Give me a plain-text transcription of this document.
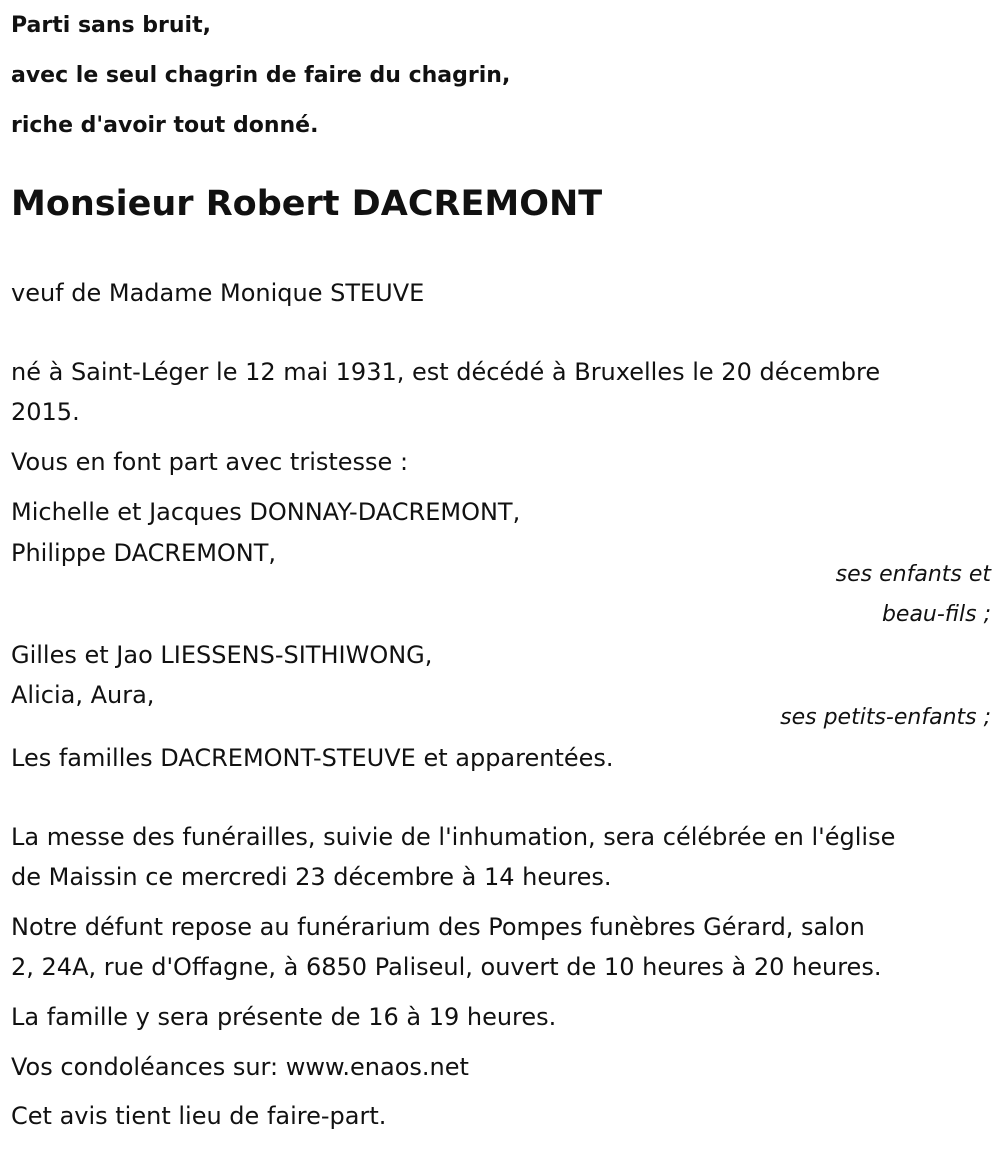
Parti sans bruit,
avec le seul chagrin de faire du chagrin,
riche d'avoir tout donné.
Monsieur Robert DACREMONT

veuf de Madame Monique STEUVE

né à Saint-Léger le 12 mai 1931, est décédé à Bruxelles le 20 décembre

2015.

Vous en font part avec tristesse :

Michelle et Jacques DONNAY-DACREMONT,

Philippe DACREMONT,

ses enfants et

beau-fils ;

Gilles et Jao LIESSENS-SITHIWONG,

Alicia, Aura,

ses petits-enfants ;

Les familles DACREMONT-STEUVE et apparentées.

La messe des funérailles, suivie de l'inhumation, sera célébrée en l'église

de Maissin ce mercredi 23 décembre à 14 heures.

Notre défunt repose au funérarium des Pompes funèbres Gérard, salon

2, 24A, rue d'Offagne, à 6850 Paliseul, ouvert de 10 heures à 20 heures.

La famille y sera présente de 16 à 19 heures.

Vos condoléances sur: www.enaos.net

Cet avis tient lieu de faire-part.
